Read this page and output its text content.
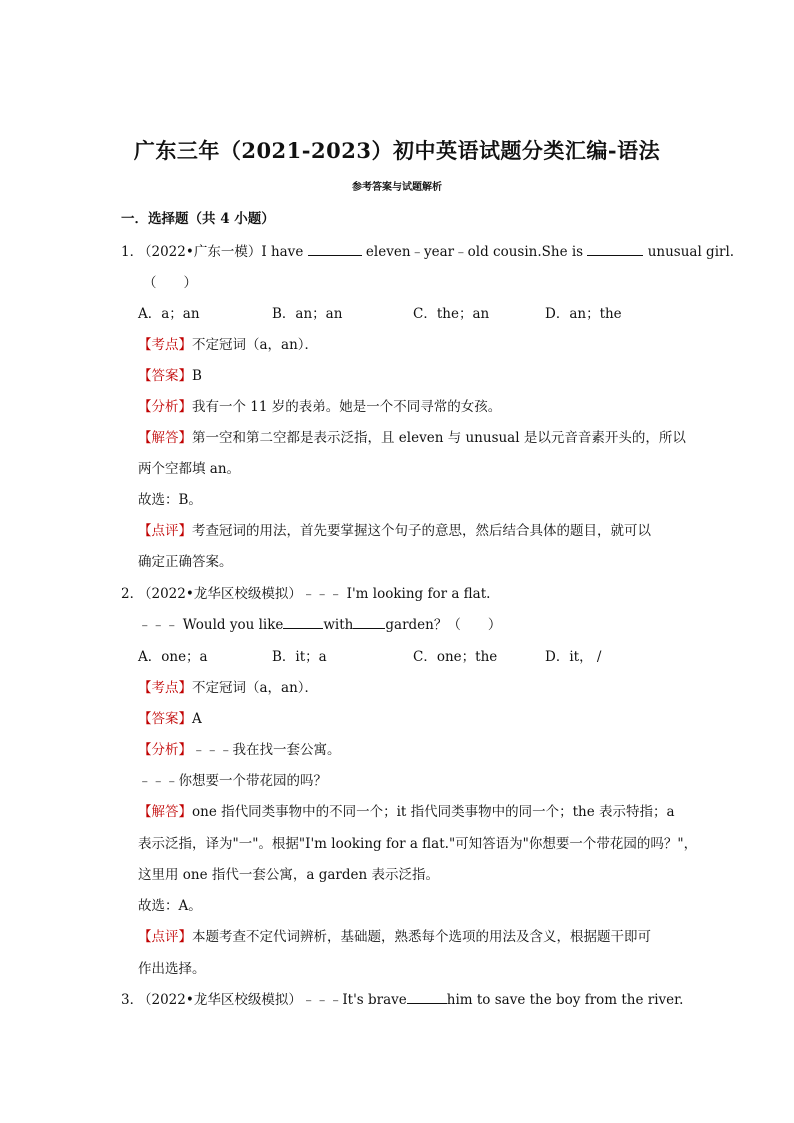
广东三年（2021-2023）初中英语试题分类汇编-语法
参考答案与试题解析
一．选择题（共 4 小题）
1．
（2022•广东一模）I have	eleven﹣year﹣old cousin.She is	unusual girl.
（　　）
A．a；an	B．an；an	C．the；an	D．an；the
【考点】不定冠词（a，an）．
【答案】B
【分析】我有一个 11 岁的表弟。她是一个不同寻常的女孩。
【解答】第一空和第二空都是表示泛指，且 eleven 与 unusual 是以元音音素开头的，所以
两个空都填 an。
故选：B。
【点评】考查冠词的用法，首先要掌握这个句子的意思，然后结合具体的题目，就可以
确定正确答案。
2．
（2022•龙华区校级模拟）﹣﹣﹣ I'm looking for a flat.
﹣﹣﹣ Would you like	with garden？（　　）
A．one；a	B．it；a	C．one；the	D．it， /
【考点】不定冠词（a，an）．
【答案】A
【分析】﹣﹣﹣我在找一套公寓。
﹣﹣﹣你想要一个带花园的吗？
【解答】one 指代同类事物中的不同一个；it 指代同类事物中的同一个；the 表示特指；a
表示泛指，译为"一"。根据"I'm looking for a flat."可知答语为"你想要一个带花园的吗？"，
这里用 one 指代一套公寓，a garden 表示泛指。
故选：A。
【点评】本题考查不定代词辨析，基础题，熟悉每个选项的用法及含义，根据题干即可
作出选择。
3．
（2022•龙华区校级模拟）﹣﹣﹣It's brave	him to save the boy from the river.
